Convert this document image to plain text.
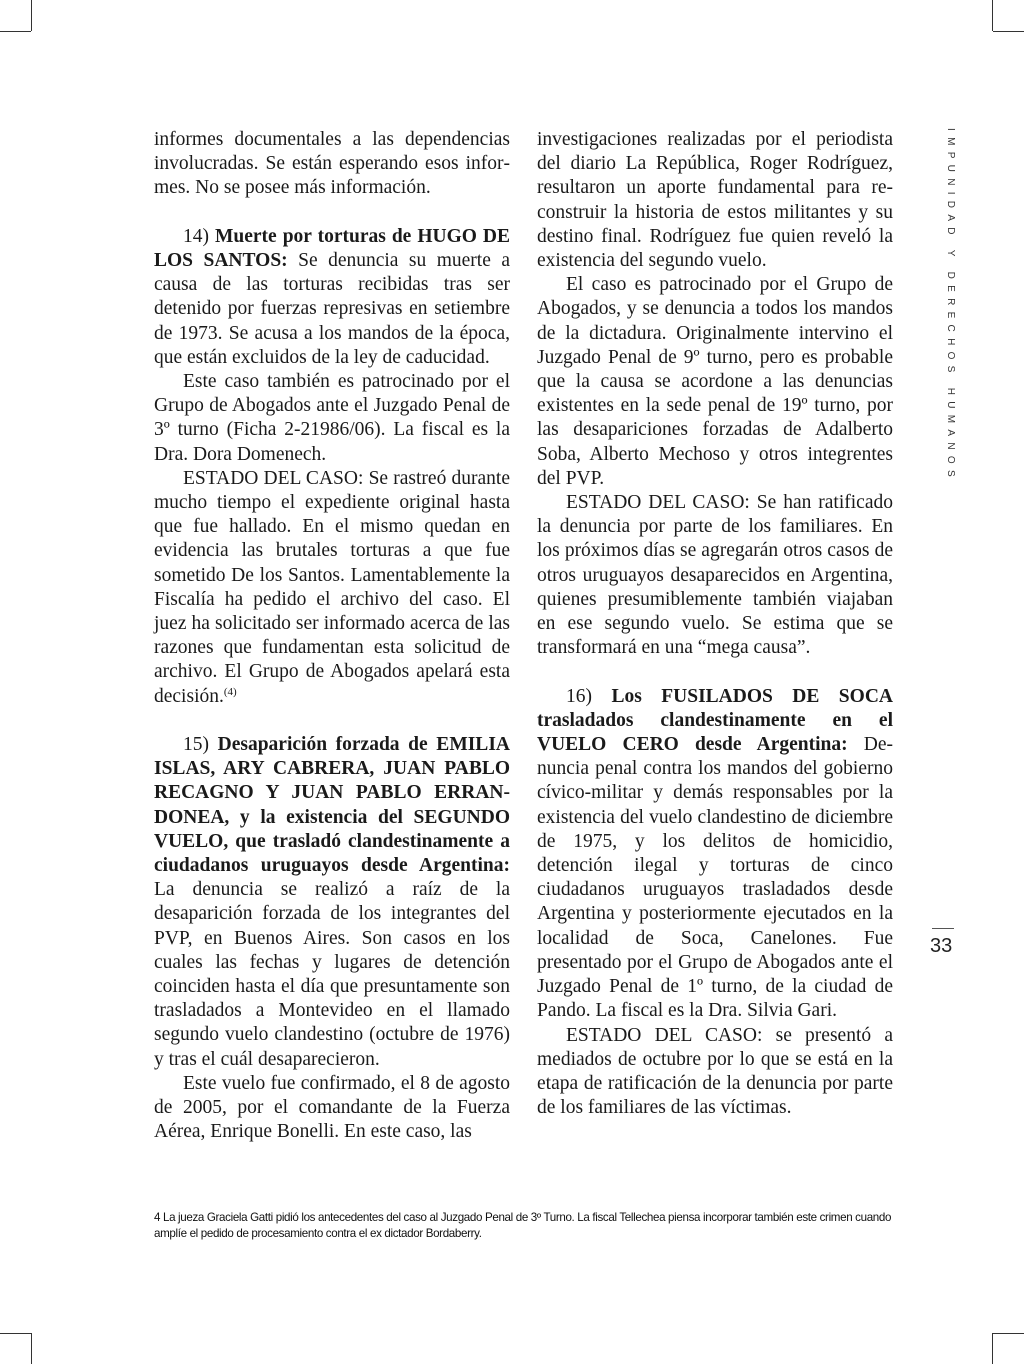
informes documentales a las dependencias involucradas. Se están esperando esos informes. No se posee más información.

14) Muerte por torturas de HUGO DE LOS SANTOS: Se denuncia su muerte a causa de las torturas recibidas tras ser detenido por fuerzas represivas en setiembre de 1973. Se acusa a los mandos de la época, que están excluidos de la ley de caducidad.

Este caso también es patrocinado por el Grupo de Abogados ante el Juzgado Penal de 3º turno (Ficha 2-21986/06). La fiscal es la Dra. Dora Domenech.

ESTADO DEL CASO: Se rastreó durante mucho tiempo el expediente original hasta que fue hallado. En el mismo quedan en evidencia las brutales torturas a que fue sometido De los Santos. Lamentablemente la Fiscalía ha pedido el archivo del caso. El juez ha solicitado ser informado acerca de las razones que fundamentan esta solicitud de archivo. El Grupo de Abogados apelará esta decisión.$^{(4)}$

15) Desaparición forzada de EMILIA ISLAS, ARY CABRERA, JUAN PABLO RECAGNO Y JUAN PABLO ERRANDONEA, y la existencia del SEGUNDO VUELO, que trasladó clandestinamente a ciudadanos uruguayos desde Argentina: La denuncia se realizó a raíz de la desaparición forzada de los integrantes del PVP, en Buenos Aires. Son casos en los cuales las fechas y lugares de detención coinciden hasta el día que presuntamente son trasladados a Montevideo en el llamado segundo vuelo clandestino (octubre de 1976) y tras el cuál desaparecieron.

Este vuelo fue confirmado, el 8 de agosto de 2005, por el comandante de la Fuerza Aérea, Enrique Bonelli. En este caso, las

investigaciones realizadas por el periodista del diario La República, Roger Rodríguez, resultaron un aporte fundamental para reconstruir la historia de estos militantes y su destino final. Rodríguez fue quien reveló la existencia del segundo vuelo.

El caso es patrocinado por el Grupo de Abogados, y se denuncia a todos los mandos de la dictadura. Originalmente intervino el Juzgado Penal de 9º turno, pero es probable que la causa se acordone a las denuncias existentes en la sede penal de 19º turno, por las desapariciones forzadas de Adalberto Soba, Alberto Mechoso y otros integrentes del PVP.

ESTADO DEL CASO: Se han ratificado la denuncia por parte de los familiares. En los próximos días se agregarán otros casos de otros uruguayos desaparecidos en Argentina, quienes presumiblemente también viajaban en ese segundo vuelo. Se estima que se transformará en una “mega causa”.

16) Los FUSILADOS DE SOCA trasladados clandestinamente en el VUELO CERO desde Argentina: Denuncia penal contra los mandos del gobierno cívico-militar y demás responsables por la existencia del vuelo clandestino de diciembre de 1975, y los delitos de homicidio, detención ilegal y torturas de cinco ciudadanos uruguayos trasladados desde Argentina y posteriormente ejecutados en la localidad de Soca, Canelones. Fue presentado por el Grupo de Abogados ante el Juzgado Penal de 1º turno, de la ciudad de Pando. La fiscal es la Dra. Silvia Gari.

ESTADO DEL CASO: se presentó a mediados de octubre por lo que se está en la etapa de ratificación de la denuncia por parte de los familiares de las víctimas.

IMPUNIDAD Y DERECHOS HUMANOS
33
4 La jueza Graciela Gatti pidió los antecedentes del caso al Juzgado Penal de 3º Turno. La fiscal Tellechea piensa incorporar también este crimen cuando amplíe el pedido de procesamiento contra el ex dictador Bordaberry.
